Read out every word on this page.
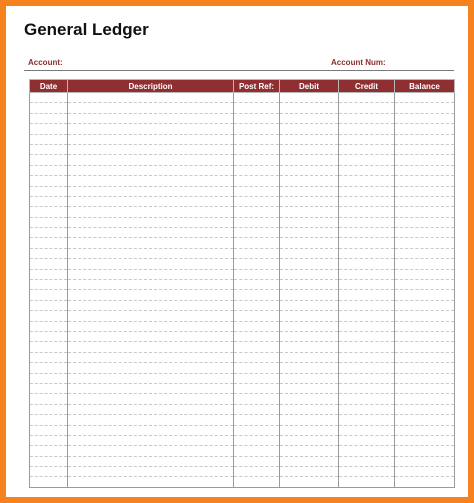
General Ledger
Account:	Account Num:
Date	Description	Post Ref:	Debit	Credit	Balance
